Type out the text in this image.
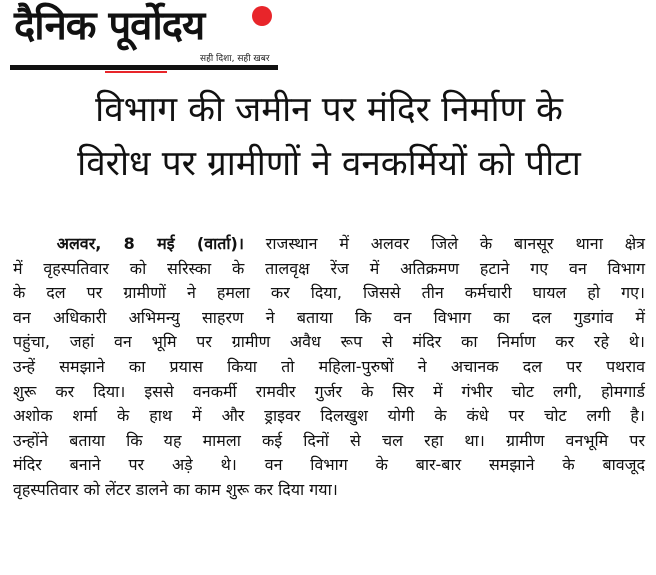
दैनिक पूर्वोदय
सही दिशा, सही खबर
विभाग की जमीन पर मंदिर निर्माण के
विरोध पर ग्रामीणों ने वनकर्मियों को पीटा
अलवर, 8 मई (वार्ता)। राजस्थान में अलवर जिले के बानसूर थाना क्षेत्र
में वृहस्पतिवार को सरिस्का के तालवृक्ष रेंज में अतिक्रमण हटाने गए वन विभाग
के दल पर ग्रामीणों ने हमला कर दिया, जिससे तीन कर्मचारी घायल हो गए।
वन अधिकारी अभिमन्यु साहरण ने बताया कि वन विभाग का दल गुडगांव में
पहुंचा, जहां वन भूमि पर ग्रामीण अवैध रूप से मंदिर का निर्माण कर रहे थे।
उन्हें समझाने का प्रयास किया तो महिला-पुरुषों ने अचानक दल पर पथराव
शुरू कर दिया। इससे वनकर्मी रामवीर गुर्जर के सिर में गंभीर चोट लगी, होमगार्ड
अशोक शर्मा के हाथ में और ड्राइवर दिलखुश योगी के कंधे पर चोट लगी है।
उन्होंने बताया कि यह मामला कई दिनों से चल रहा था। ग्रामीण वनभूमि पर
मंदिर बनाने पर अड़े थे। वन विभाग के बार-बार समझाने के बावजूद
वृहस्पतिवार को लेंटर डालने का काम शुरू कर दिया गया।
